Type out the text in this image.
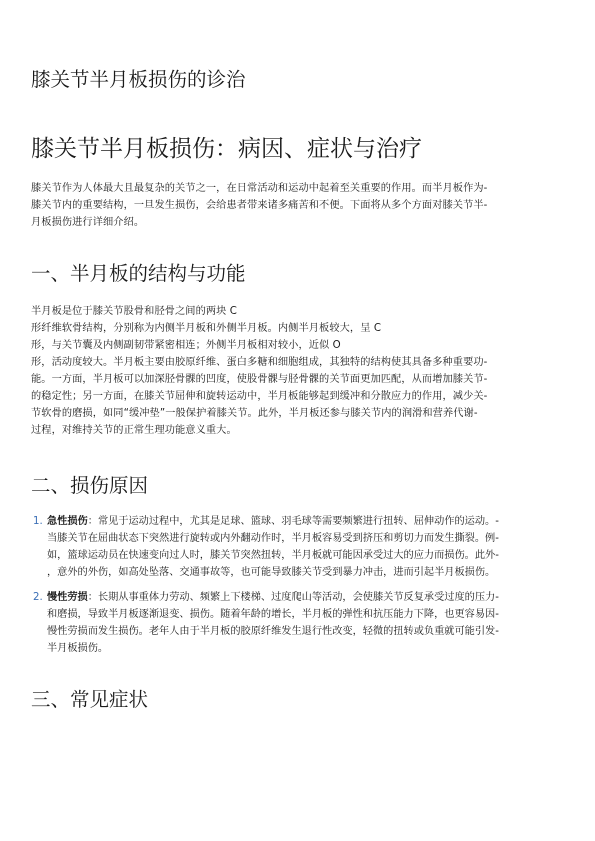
膝关节半月板损伤的诊治
膝关节半月板损伤：病因、症状与治疗

膝关节作为人体最大且最复杂的关节之一，在日常活动和运动中起着至关重要的作用。而半月板作为-
膝关节内的重要结构，一旦发生损伤，会给患者带来诸多痛苦和不便。下面将从多个方面对膝关节半-
月板损伤进行详细介绍。

一、半月板的结构与功能

半月板是位于膝关节股骨和胫骨之间的两块 C
形纤维软骨结构，分别称为内侧半月板和外侧半月板。内侧半月板较大，呈 C
形，与关节囊及内侧副韧带紧密相连；外侧半月板相对较小，近似 O
形，活动度较大。半月板主要由胶原纤维、蛋白多糖和细胞组成，其独特的结构使其具备多种重要功-
能。一方面，半月板可以加深胫骨髁的凹度，使股骨髁与胫骨髁的关节面更加匹配，从而增加膝关节-
的稳定性；另一方面，在膝关节屈伸和旋转运动中，半月板能够起到缓冲和分散应力的作用，减少关-
节软骨的磨损，如同“缓冲垫”一般保护着膝关节。此外，半月板还参与膝关节内的润滑和营养代谢-
过程，对维持关节的正常生理功能意义重大。

二、损伤原因
1. 急性损伤：常见于运动过程中，尤其是足球、篮球、羽毛球等需要频繁进行扭转、屈伸动作的运动。-
当膝关节在屈曲状态下突然进行旋转或内外翻动作时，半月板容易受到挤压和剪切力而发生撕裂。例-
如，篮球运动员在快速变向过人时，膝关节突然扭转，半月板就可能因承受过大的应力而损伤。此外-
，意外的外伤，如高处坠落、交通事故等，也可能导致膝关节受到暴力冲击，进而引起半月板损伤。
2. 慢性劳损：长期从事重体力劳动、频繁上下楼梯、过度爬山等活动，会使膝关节反复承受过度的压力-
和磨损，导致半月板逐渐退变、损伤。随着年龄的增长，半月板的弹性和抗压能力下降，也更容易因-
慢性劳损而发生损伤。老年人由于半月板的胶原纤维发生退行性改变，轻微的扭转或负重就可能引发-
半月板损伤。
三、常见症状
